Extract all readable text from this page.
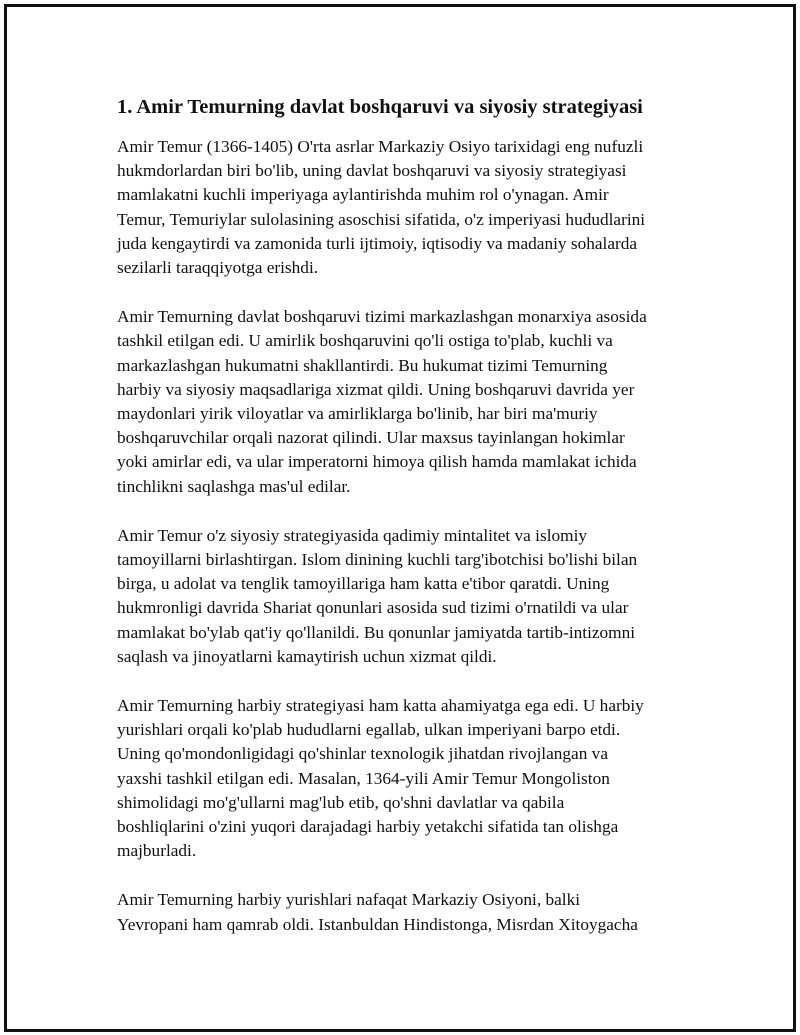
1. Amir Temurning davlat boshqaruvi va siyosiy strategiyasi

Amir Temur (1366-1405) O'rta asrlar Markaziy Osiyo tarixidagi eng nufuzli
hukmdorlardan biri bo'lib, uning davlat boshqaruvi va siyosiy strategiyasi
mamlakatni kuchli imperiyaga aylantirishda muhim rol o'ynagan. Amir
Temur, Temuriylar sulolasining asoschisi sifatida, o'z imperiyasi hududlarini
juda kengaytirdi va zamonida turli ijtimoiy, iqtisodiy va madaniy sohalarda
sezilarli taraqqiyotga erishdi.

Amir Temurning davlat boshqaruvi tizimi markazlashgan monarxiya asosida
tashkil etilgan edi. U amirlik boshqaruvini qo'li ostiga to'plab, kuchli va
markazlashgan hukumatni shakllantirdi. Bu hukumat tizimi Temurning
harbiy va siyosiy maqsadlariga xizmat qildi. Uning boshqaruvi davrida yer
maydonlari yirik viloyatlar va amirliklarga bo'linib, har biri ma'muriy
boshqaruvchilar orqali nazorat qilindi. Ular maxsus tayinlangan hokimlar
yoki amirlar edi, va ular imperatorni himoya qilish hamda mamlakat ichida
tinchlikni saqlashga mas'ul edilar.

Amir Temur o'z siyosiy strategiyasida qadimiy mintalitet va islomiy
tamoyillarni birlashtirgan. Islom dinining kuchli targ'ibotchisi bo'lishi bilan
birga, u adolat va tenglik tamoyillariga ham katta e'tibor qaratdi. Uning
hukmronligi davrida Shariat qonunlari asosida sud tizimi o'rnatildi va ular
mamlakat bo'ylab qat'iy qo'llanildi. Bu qonunlar jamiyatda tartib-intizomni
saqlash va jinoyatlarni kamaytirish uchun xizmat qildi.

Amir Temurning harbiy strategiyasi ham katta ahamiyatga ega edi. U harbiy
yurishlari orqali ko'plab hududlarni egallab, ulkan imperiyani barpo etdi.
Uning qo'mondonligidagi qo'shinlar texnologik jihatdan rivojlangan va
yaxshi tashkil etilgan edi. Masalan, 1364-yili Amir Temur Mongoliston
shimolidagi mo'g'ullarni mag'lub etib, qo'shni davlatlar va qabila
boshliqlarini o'zini yuqori darajadagi harbiy yetakchi sifatida tan olishga
majburladi.

Amir Temurning harbiy yurishlari nafaqat Markaziy Osiyoni, balki
Yevropani ham qamrab oldi. Istanbuldan Hindistonga, Misrdan Xitoygacha
